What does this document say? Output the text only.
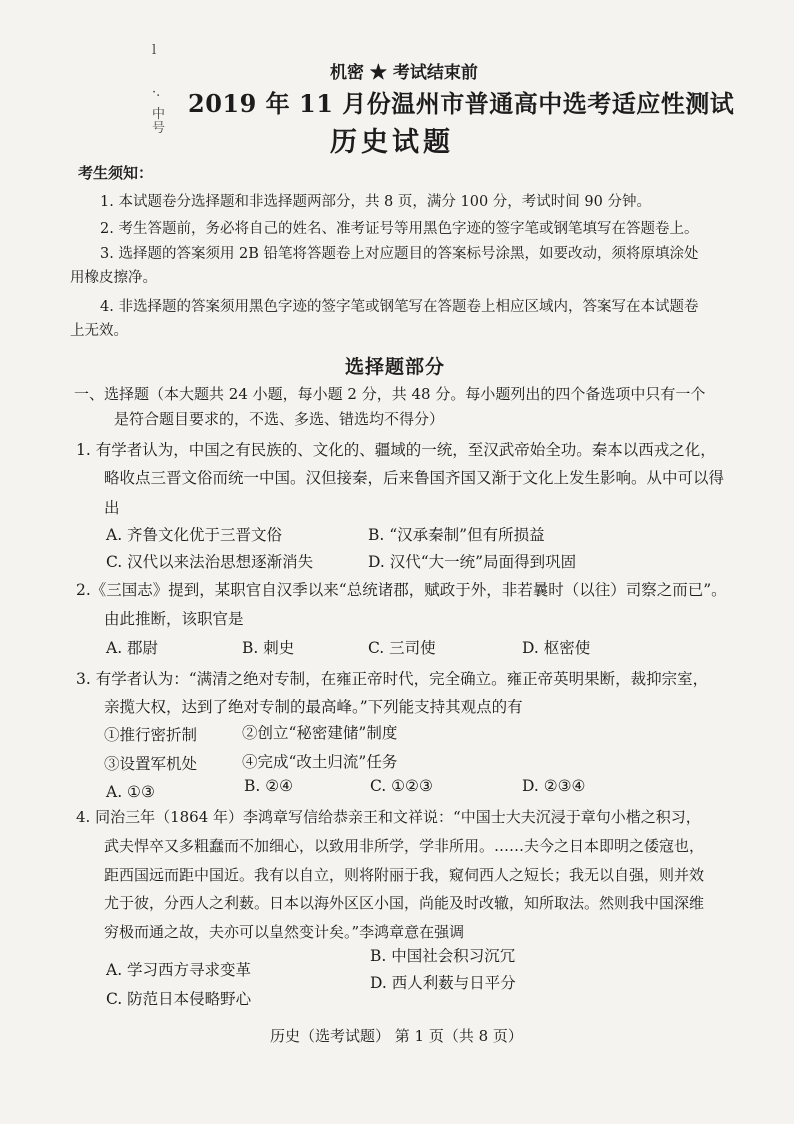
l
·.
中
号
机密 ★ 考试结束前
2019 年 11 月份温州市普通高中选考适应性测试
历史试题
考生须知：
1. 本试题卷分选择题和非选择题两部分，共 8 页，满分 100 分，考试时间 90 分钟。
2. 考生答题前，务必将自己的姓名、准考证号等用黑色字迹的签字笔或钢笔填写在答题卷上。
3. 选择题的答案须用 2B 铅笔将答题卷上对应题目的答案标号涂黑，如要改动，须将原填涂处
用橡皮擦净。
4. 非选择题的答案须用黑色字迹的签字笔或钢笔写在答题卷上相应区域内，答案写在本试题卷
上无效。
选择题部分
一、选择题（本大题共 24 小题，每小题 2 分，共 48 分。每小题列出的四个备选项中只有一个
是符合题目要求的，不选、多选、错选均不得分）
1. 有学者认为，中国之有民族的、文化的、疆域的一统，至汉武帝始全功。秦本以西戎之化，
略收点三晋文俗而统一中国。汉但接秦，后来鲁国齐国又渐于文化上发生影响。从中可以得
出
A. 齐鲁文化优于三晋文俗	B. “汉承秦制”但有所损益
C. 汉代以来法治思想逐渐消失	D. 汉代“大一统”局面得到巩固
2.《三国志》提到，某职官自汉季以来“总统诸郡，赋政于外，非若曩时（以往）司察之而已”。
由此推断，该职官是
A. 郡尉	B. 刺史	C. 三司使	D. 枢密使
3. 有学者认为：“满清之绝对专制，在雍正帝时代，完全确立。雍正帝英明果断，裁抑宗室，
亲揽大权，达到了绝对专制的最高峰。”下列能支持其观点的有
①推行密折制	②创立“秘密建储”制度
③设置军机处	④完成“改土归流”任务
A. ①③	B. ②④	C. ①②③	D. ②③④
4. 同治三年（1864 年）李鸿章写信给恭亲王和文祥说：“中国士大夫沉浸于章句小楷之积习，
武夫悍卒又多粗蠢而不加细心，以致用非所学，学非所用。……夫今之日本即明之倭寇也，
距西国远而距中国近。我有以自立，则将附丽于我，窥伺西人之短长；我无以自强，则并效
尤于彼，分西人之利薮。日本以海外区区小国，尚能及时改辙，知所取法。然则我中国深维
穷极而通之故，夫亦可以皇然变计矣。”李鸿章意在强调
A. 学习西方寻求变革
B. 中国社会积习沉冗
C. 防范日本侵略野心
D. 西人利薮与日平分
历史（选考试题） 第 1 页（共 8 页）
